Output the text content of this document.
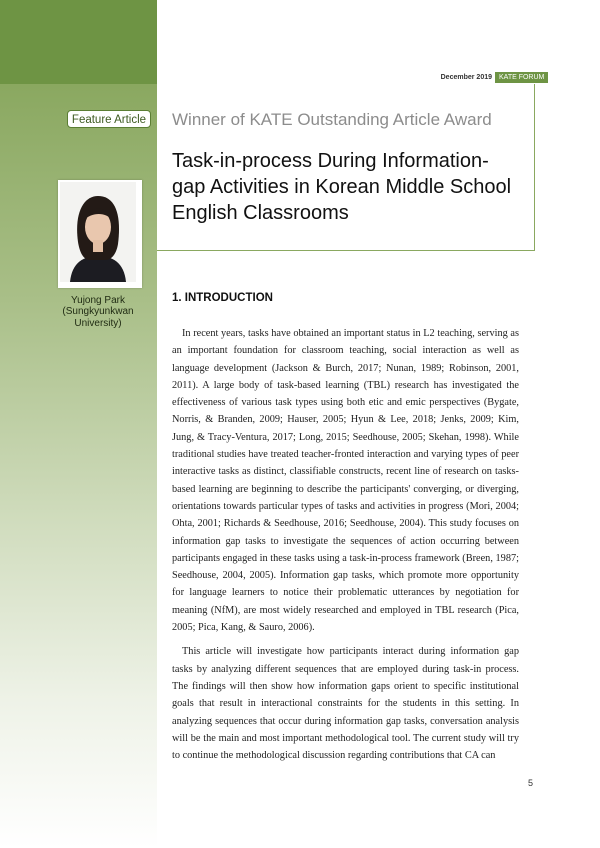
Feature Article
Yujong Park
(Sungkyunkwan University)
December 2019	KATE FORUM
Winner of KATE Outstanding Article Award
Task-in-process During Information-gap Activities in Korean Middle School English Classrooms
1. INTRODUCTION

In recent years, tasks have obtained an important status in L2 teaching, serving as an important foundation for classroom teaching, social interaction as well as language development (Jackson & Burch, 2017; Nunan, 1989; Robinson, 2001, 2011). A large body of task-based learning (TBL) research has investigated the effectiveness of various task types using both etic and emic perspectives (Bygate, Norris, & Branden, 2009; Hauser, 2005; Hyun & Lee, 2018; Jenks, 2009; Kim, Jung, & Tracy-Ventura, 2017; Long, 2015; Seedhouse, 2005; Skehan, 1998). While traditional studies have treated teacher-fronted interaction and varying types of peer interactive tasks as distinct, classifiable constructs, recent line of research on tasks-based learning are beginning to describe the participants' converging, or diverging, orientations towards particular types of tasks and activities in progress (Mori, 2004; Ohta, 2001; Richards & Seedhouse, 2016; Seedhouse, 2004). This study focuses on information gap tasks to investigate the sequences of action occurring between participants engaged in these tasks using a task-in-process framework (Breen, 1987; Seedhouse, 2004, 2005). Information gap tasks, which promote more opportunity for language learners to notice their problematic utterances by negotiation for meaning (NfM), are most widely researched and employed in TBL research (Pica, 2005; Pica, Kang, & Sauro, 2006).

This article will investigate how participants interact during information gap tasks by analyzing different sequences that are employed during task-in process. The findings will then show how information gaps orient to specific institutional goals that result in interactional constraints for the students in this setting. In analyzing sequences that occur during information gap tasks, conversation analysis will be the main and most important methodological tool. The current study will try to continue the methodological discussion regarding contributions that CA can

5
